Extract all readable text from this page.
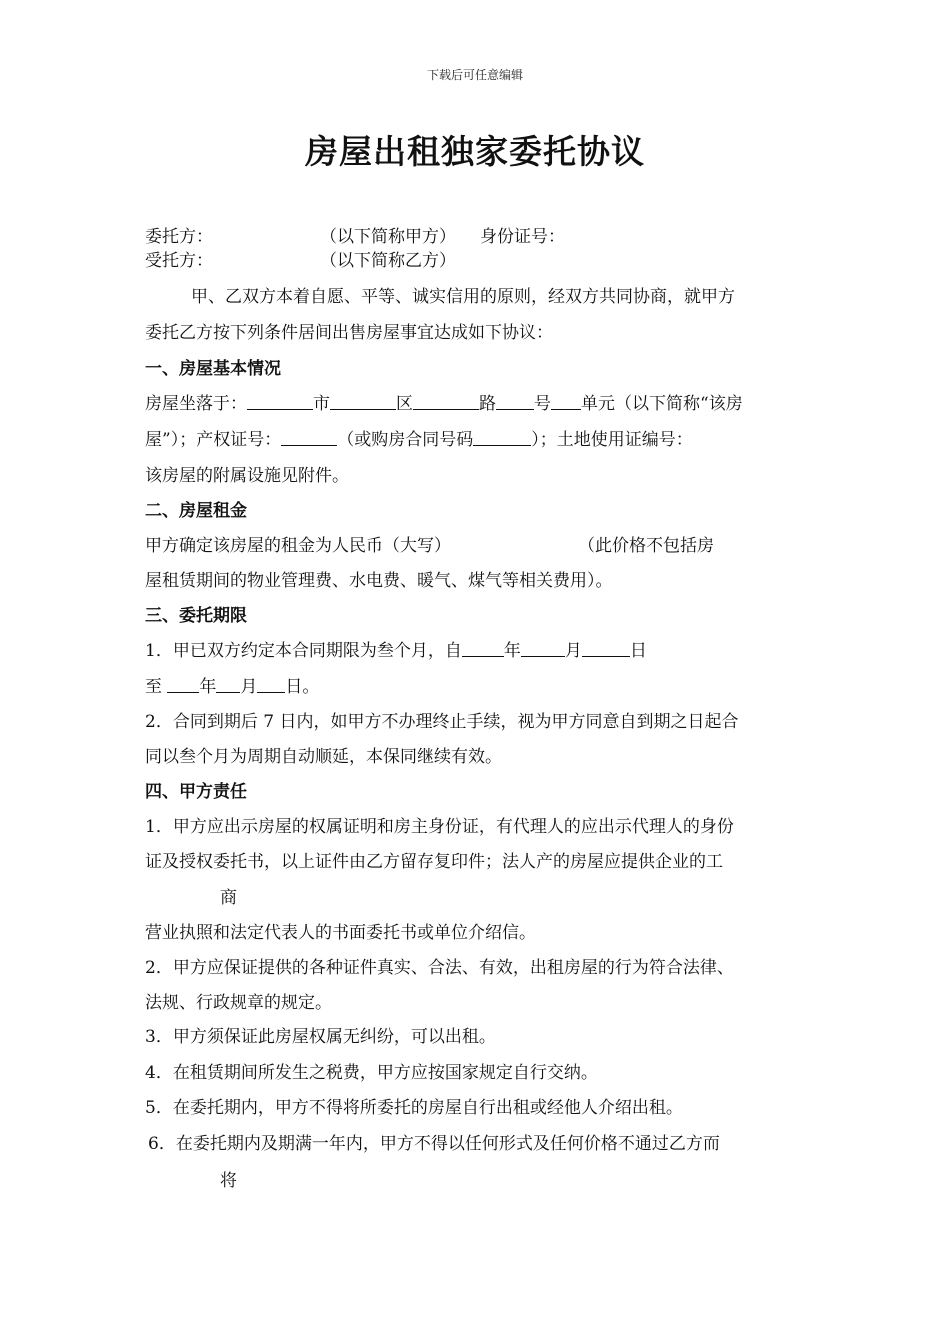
下载后可任意编辑
房屋出租独家委托协议
委托方：	（以下简称甲方） 身份证号：
受托方：	（以下简称乙方）
甲、乙双方本着自愿、平等、诚实信用的原则，经双方共同协商，就甲方
委托乙方按下列条件居间出售房屋事宜达成如下协议：
一、房屋基本情况
房屋坐落于：	市	区	路 号 单元（以下简称“该房
屋”）；产权证号：	（或购房合同号码	）；土地使用证编号：
该房屋的附属设施见附件。
二、房屋租金
甲方确定该房屋的租金为人民币（大写）	（此价格不包括房
屋租赁期间的物业管理费、水电费、暖气、煤气等相关费用）。
三、委托期限
1．甲已双方约定本合同期限为叁个月，自 年	月	日
至 年 月 日。
2．合同到期后 7 日内，如甲方不办理终止手续，视为甲方同意自到期之日起合
同以叁个月为周期自动顺延，本保同继续有效。
四、甲方责任
1．甲方应出示房屋的权属证明和房主身份证，有代理人的应出示代理人的身份
证及授权委托书，以上证件由乙方留存复印件；法人产的房屋应提供企业的工
商
营业执照和法定代表人的书面委托书或单位介绍信。
2．甲方应保证提供的各种证件真实、合法、有效，出租房屋的行为符合法律、
法规、行政规章的规定。
3．甲方须保证此房屋权属无纠纷，可以出租。
4．在租赁期间所发生之税费，甲方应按国家规定自行交纳。
5．在委托期内，甲方不得将所委托的房屋自行出租或经他人介绍出租。
6．在委托期内及期满一年内，甲方不得以任何形式及任何价格不通过乙方而
将
